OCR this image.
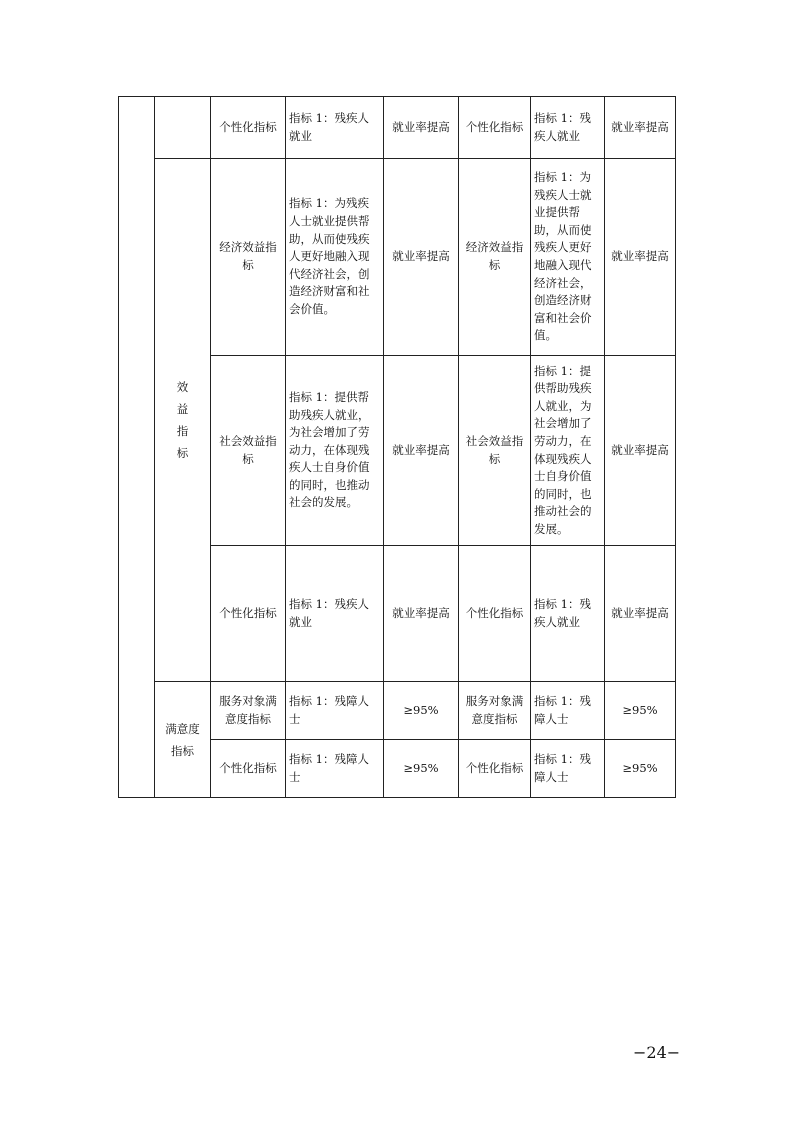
		个性化指标	指标 1：残疾人就业	就业率提高	个性化指标	指标 1：残疾人就业	就业率提高
	效益指标	经济效益指标	指标 1：为残疾人士就业提供帮助，从而使残疾人更好地融入现代经济社会，创造经济财富和社会价值。	就业率提高	经济效益指标	指标 1：为残疾人士就业提供帮助，从而使残疾人更好地融入现代经济社会，创造经济财富和社会价值。	就业率提高
		社会效益指标	指标 1：提供帮助残疾人就业，为社会增加了劳动力，在体现残疾人士自身价值的同时，也推动社会的发展。	就业率提高	社会效益指标	指标 1：提供帮助残疾人就业，为社会增加了劳动力，在体现残疾人士自身价值的同时，也推动社会的发展。	就业率提高
		个性化指标	指标 1：残疾人就业	就业率提高	个性化指标	指标 1：残疾人就业	就业率提高
	满意度指标	服务对象满意度指标	指标 1：残障人士	≥95%	服务对象满意度指标	指标 1：残障人士	≥95%
		个性化指标	指标 1：残障人士	≥95%	个性化指标	指标 1：残障人士	≥95%
−24−
